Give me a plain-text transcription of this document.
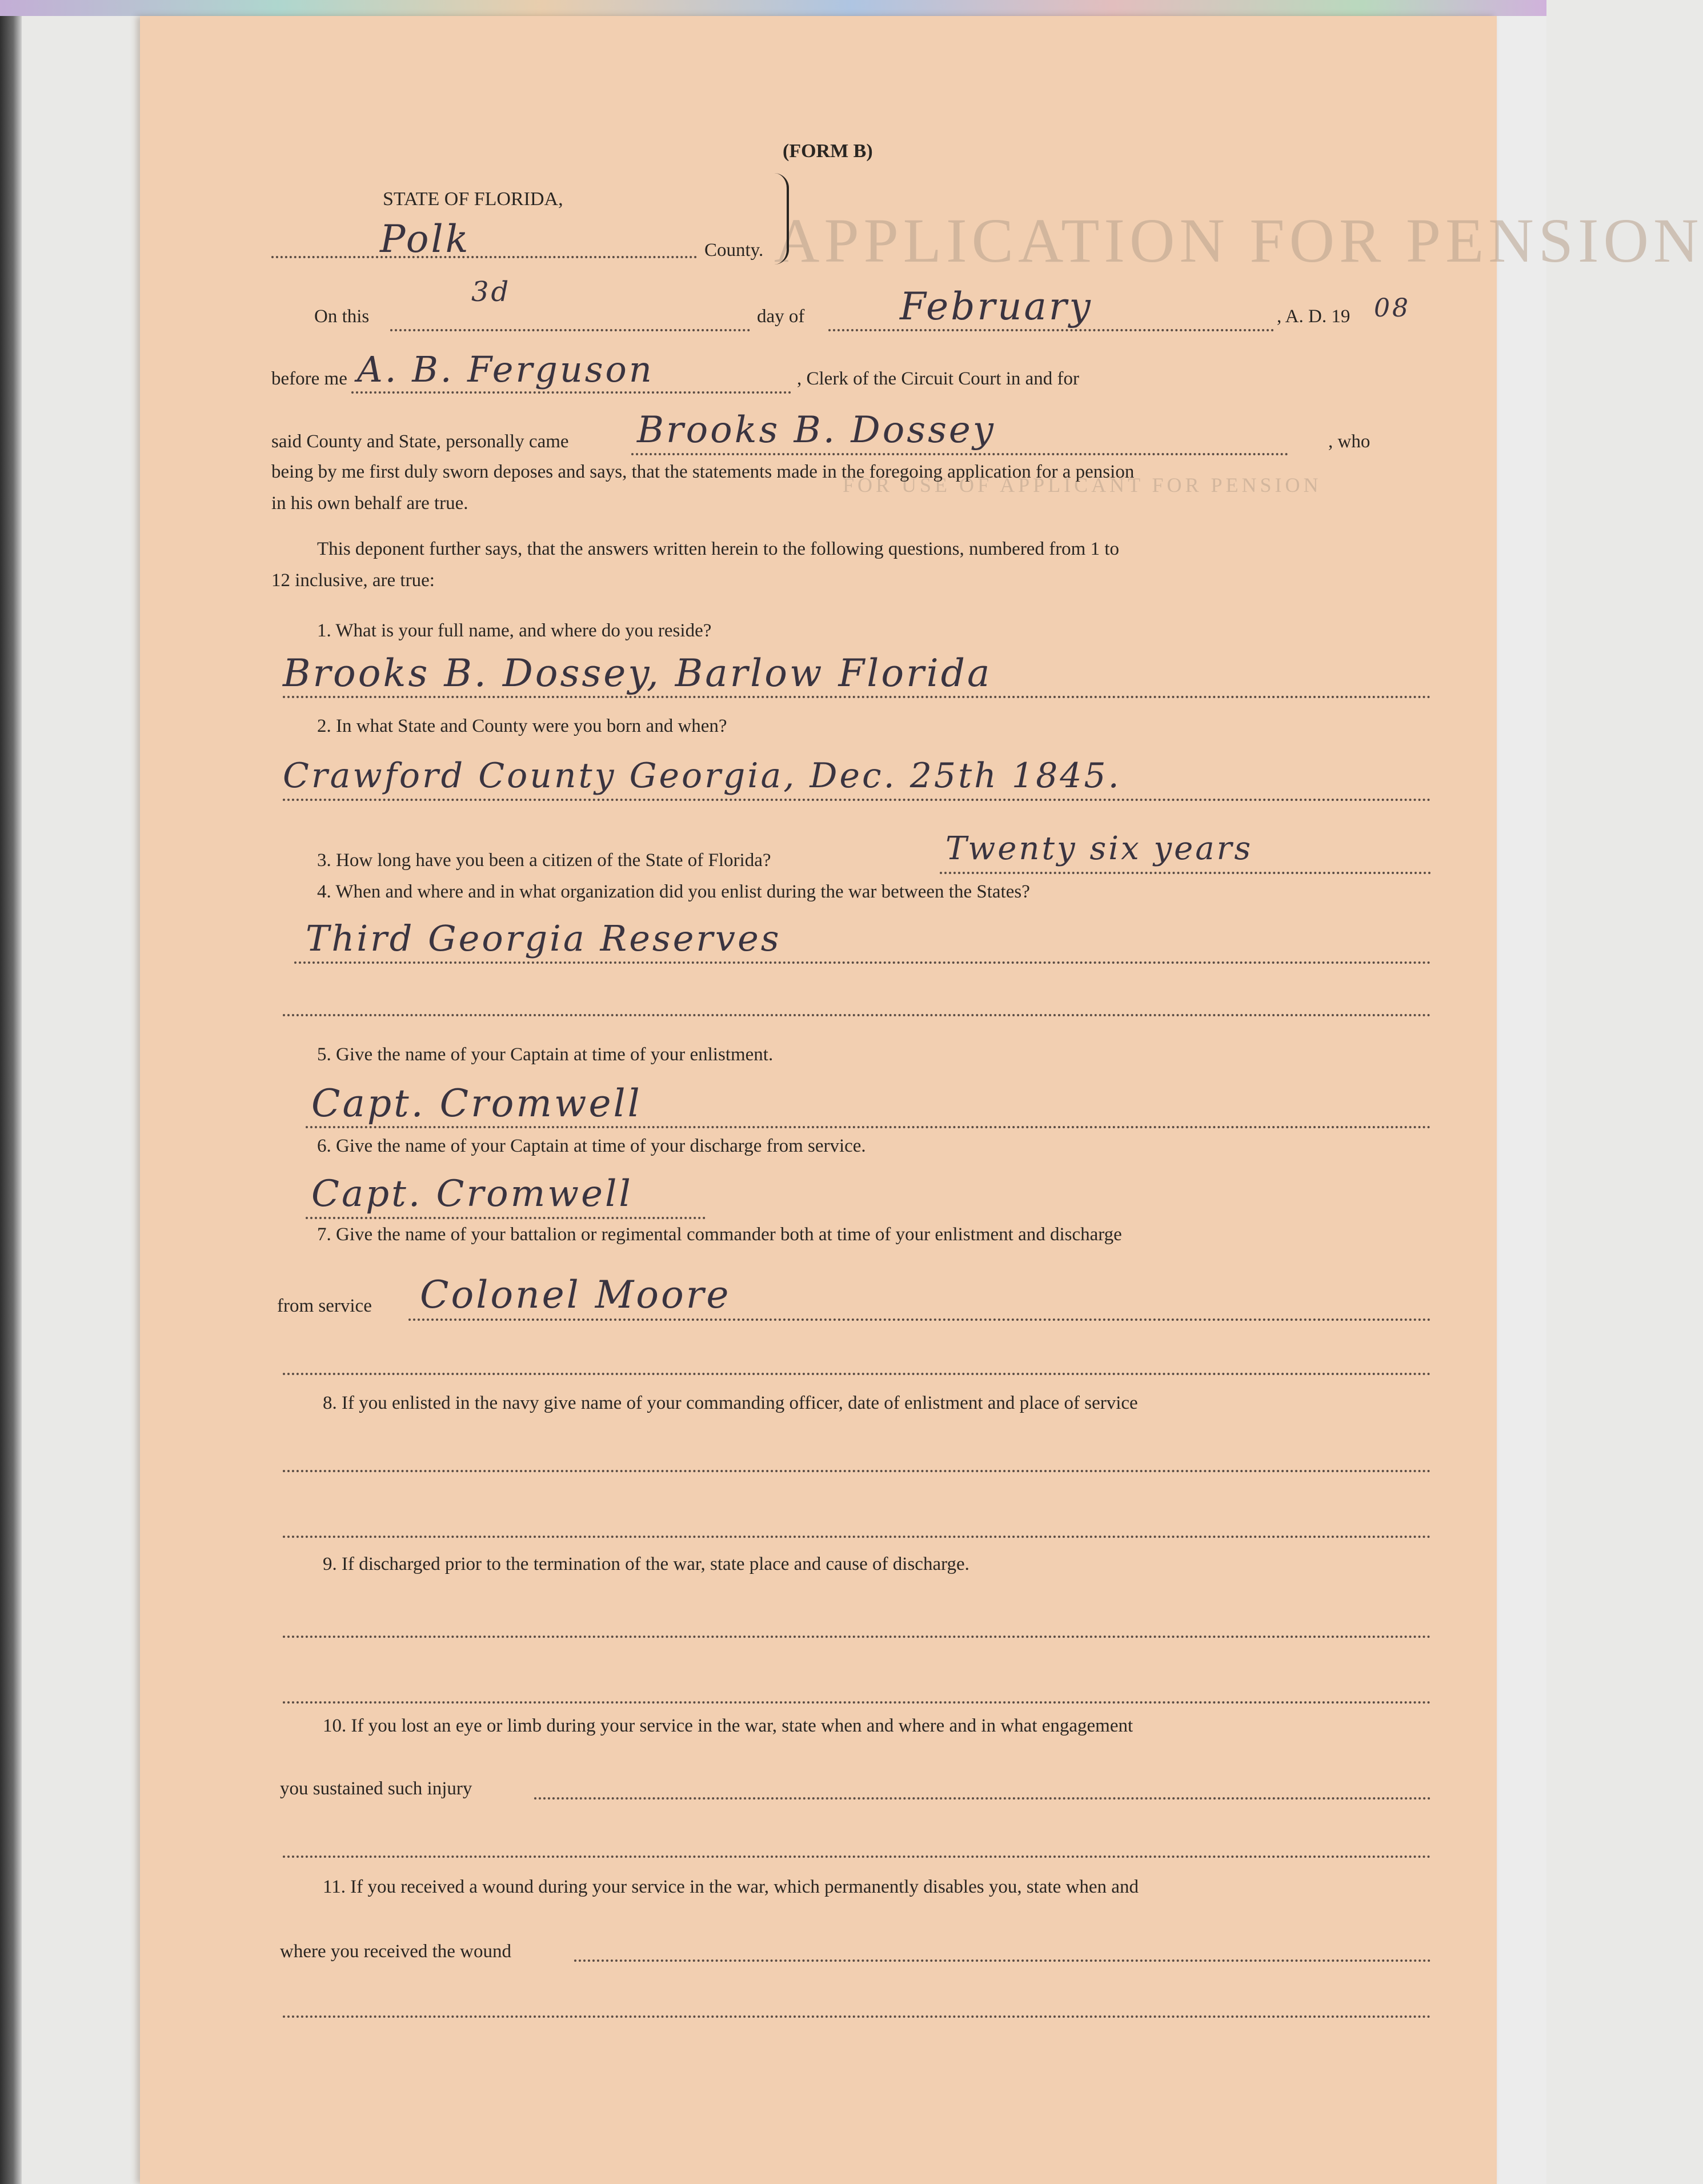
APPLICATION FOR PENSION
FOR USE OF APPLICANT FOR PENSION
(FORM B)
STATE OF FLORIDA,
Polk	County.
On this
3d
day of	February	, A. D. 19 08
before me A. B. Ferguson	, Clerk of the Circuit Court in and for
said County and State, personally came Brooks B. Dossey	, who
being by me first duly sworn deposes and says, that the statements made in the foregoing application for a pension
in his own behalf are true.
This deponent further says, that the answers written herein to the following questions, numbered from 1 to
12 inclusive, are true:
1. What is your full name, and where do you reside?
Brooks B. Dossey, Barlow Florida
2. In what State and County were you born and when?
Crawford County Georgia, Dec. 25th 1845.
3. How long have you been a citizen of the State of Florida?	Twenty six years
4. When and where and in what organization did you enlist during the war between the States?
Third Georgia Reserves
5. Give the name of your Captain at time of your enlistment.
Capt. Cromwell
6. Give the name of your Captain at time of your discharge from service.
Capt. Cromwell
7. Give the name of your battalion or regimental commander both at time of your enlistment and discharge
from service Colonel Moore
8. If you enlisted in the navy give name of your commanding officer, date of enlistment and place of service
9. If discharged prior to the termination of the war, state place and cause of discharge.
10. If you lost an eye or limb during your service in the war, state when and where and in what engagement
you sustained such injury
11. If you received a wound during your service in the war, which permanently disables you, state when and
where you received the wound
